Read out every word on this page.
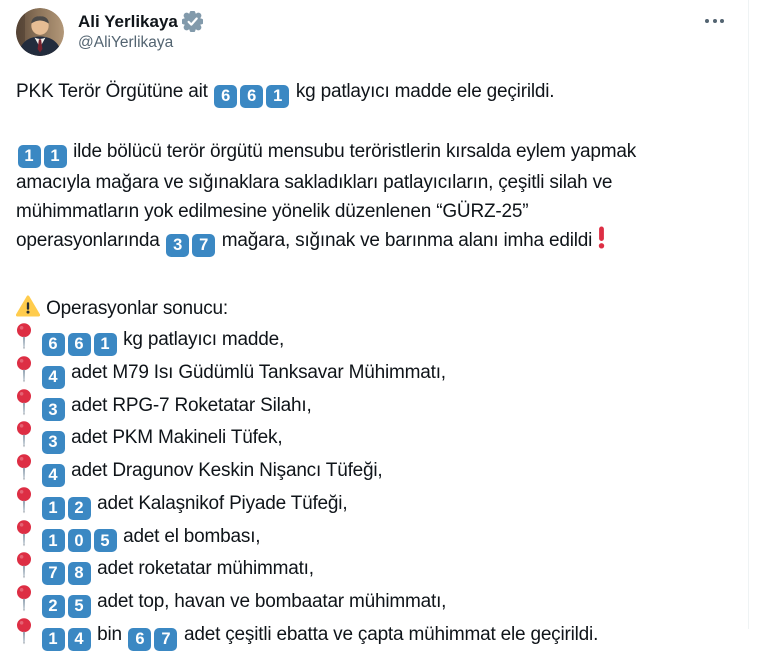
Ali Yerlikaya
@AliYerlikaya
PKK Terör Örgütüne ait 6 6 1 kg patlayıcı madde ele geçirildi.
1 1 ilde bölücü terör örgütü mensubu teröristlerin kırsalda eylem yapmak
amacıyla mağara ve sığınaklara sakladıkları patlayıcıların, çeşitli silah ve
mühimmatların yok edilmesine yönelik düzenlenen “GÜRZ-25”
operasyonlarında 3 7 mağara, sığınak ve barınma alanı imha edildi
Operasyonlar sonucu:
6 6 1 kg patlayıcı madde,
4 adet M79 Isı Güdümlü Tanksavar Mühimmatı,
3 adet RPG-7 Roketatar Silahı,
3 adet PKM Makineli Tüfek,
4 adet Dragunov Keskin Nişancı Tüfeği,
1 2 adet Kalaşnikof Piyade Tüfeği,
1 0 5 adet el bombası,
7 8 adet roketatar mühimmatı,
2 5 adet top, havan ve bombaatar mühimmatı,
1 4 bin 6 7 adet çeşitli ebatta ve çapta mühimmat ele geçirildi.
